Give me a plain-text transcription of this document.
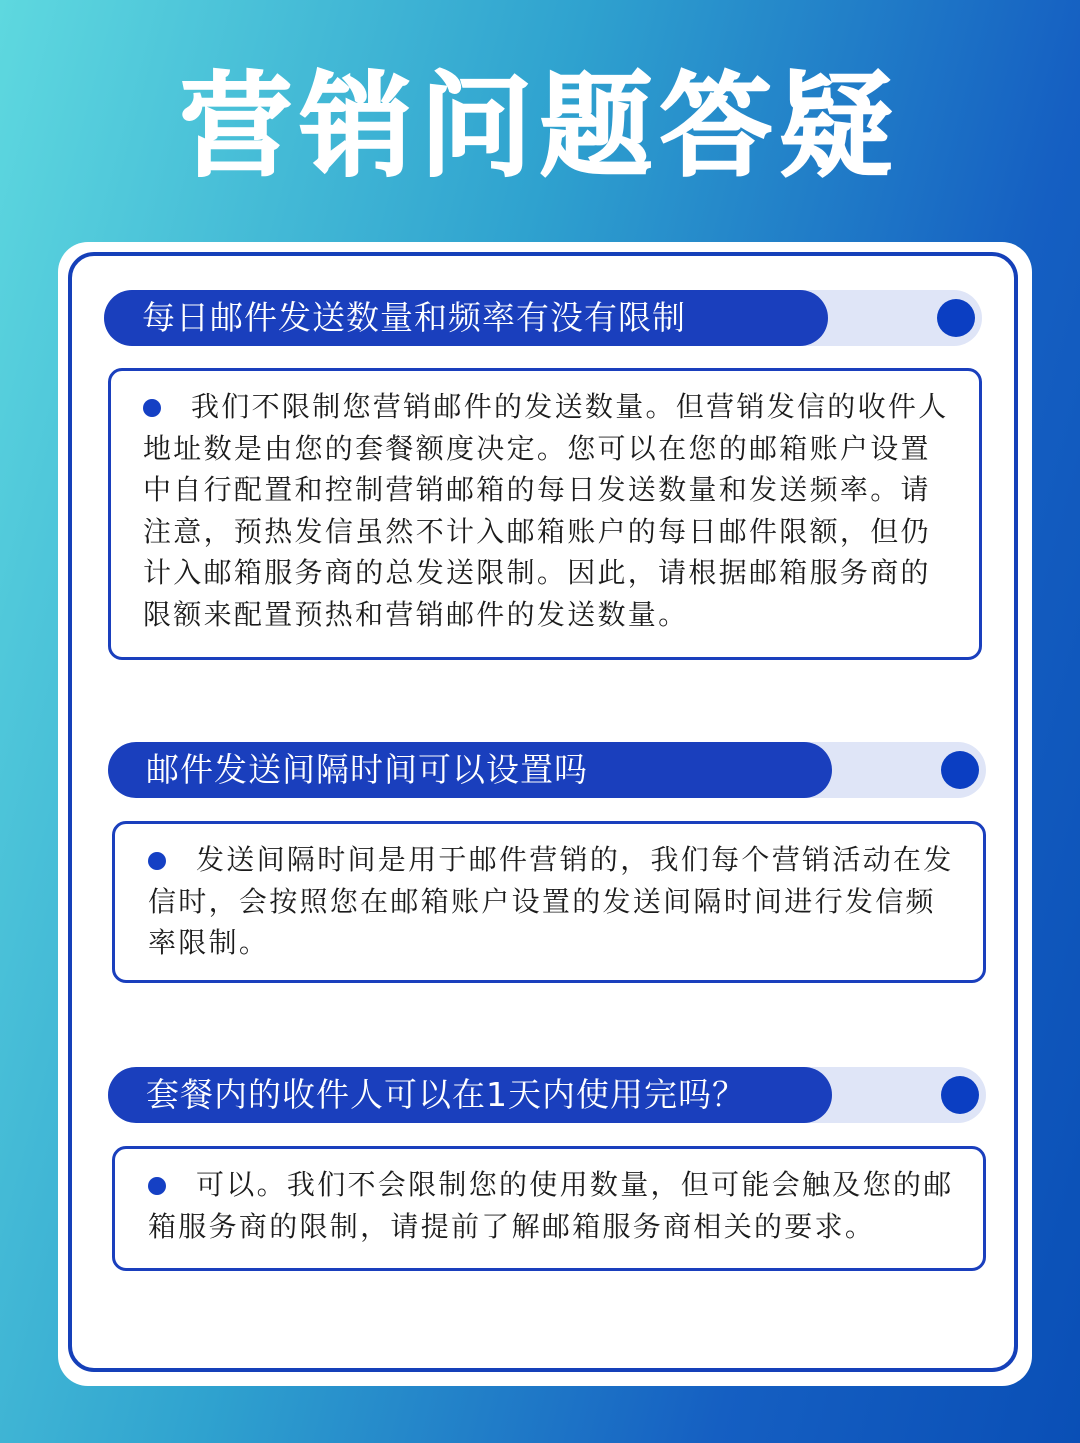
营销问题答疑
每日邮件发送数量和频率有没有限制
我们不限制您营销邮件的发送数量。但营销发信的收件人地址数是由您的套餐额度决定。您可以在您的邮箱账户设置中自行配置和控制营销邮箱的每日发送数量和发送频率。请注意，预热发信虽然不计入邮箱账户的每日邮件限额，但仍计入邮箱服务商的总发送限制。因此，请根据邮箱服务商的限额来配置预热和营销邮件的发送数量。
邮件发送间隔时间可以设置吗
发送间隔时间是用于邮件营销的，我们每个营销活动在发信时，会按照您在邮箱账户设置的发送间隔时间进行发信频率限制。
套餐内的收件人可以在1天内使用完吗？
可以。我们不会限制您的使用数量，但可能会触及您的邮箱服务商的限制，请提前了解邮箱服务商相关的要求。
